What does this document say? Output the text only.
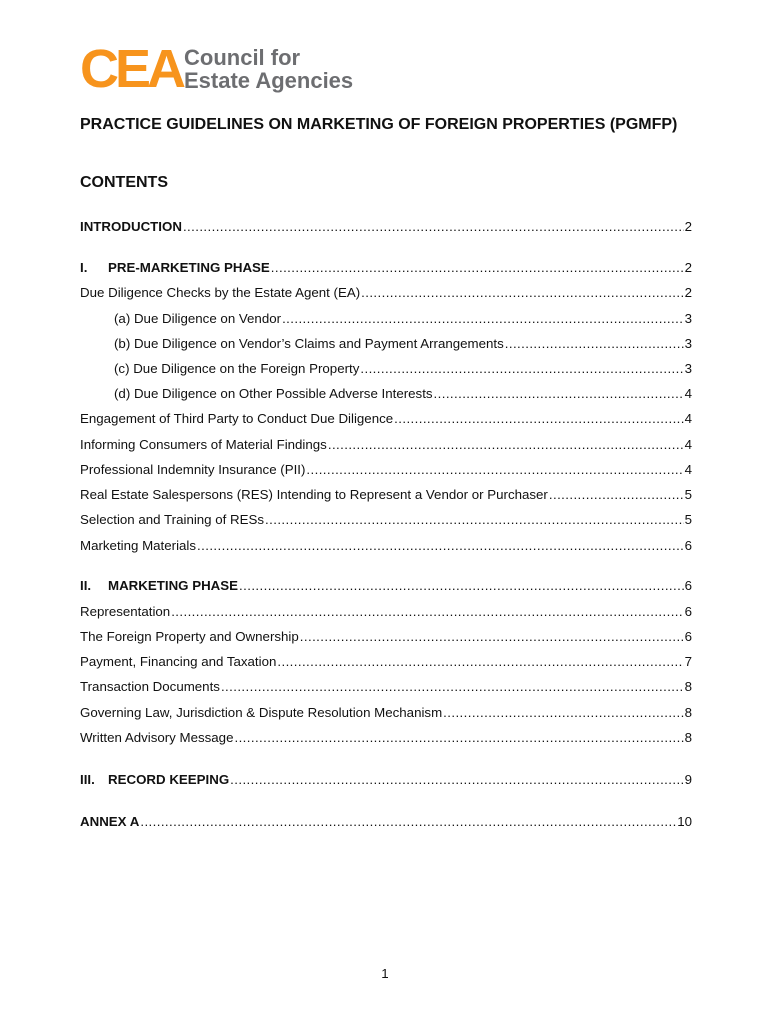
CEA Council for
Estate Agencies
PRACTICE GUIDELINES ON MARKETING OF FOREIGN PROPERTIES (PGMFP)
CONTENTS
INTRODUCTION .....	2
I.	PRE-MARKETING PHASE .....	2
Due Diligence Checks by the Estate Agent (EA) .....	2
(a) Due Diligence on Vendor .....	3
(b) Due Diligence on Vendor’s Claims and Payment Arrangements .....	3
(c) Due Diligence on the Foreign Property .....	3
(d) Due Diligence on Other Possible Adverse Interests .....	4
Engagement of Third Party to Conduct Due Diligence .....	4
Informing Consumers of Material Findings .....	4
Professional Indemnity Insurance (PII) .....	4
Real Estate Salespersons (RES) Intending to Represent a Vendor or Purchaser .....	5
Selection and Training of RESs .....	5
Marketing Materials .....	6
II.	MARKETING PHASE .....	6
Representation .....	6
The Foreign Property and Ownership .....	6
Payment, Financing and Taxation .....	7
Transaction Documents .....	8
Governing Law, Jurisdiction & Dispute Resolution Mechanism .....	8
Written Advisory Message .....	8
III. RECORD KEEPING .....	9
ANNEX A .....	10
1
